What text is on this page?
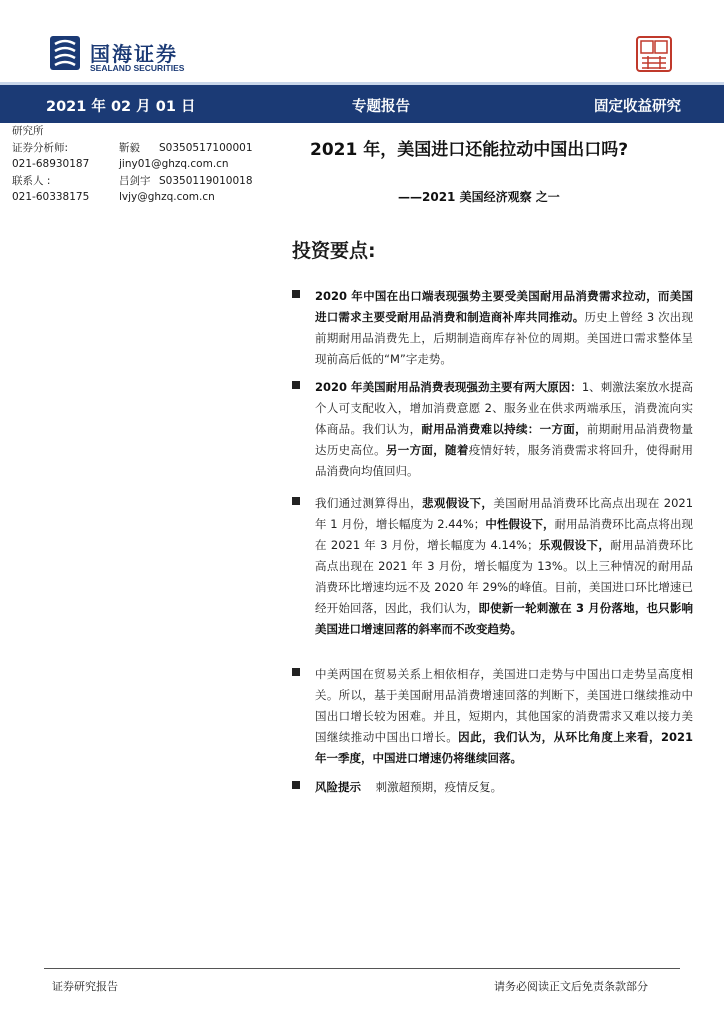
国海证券
SEALAND SECURITIES
2021 年 02 月 01 日	专题报告	固定收益研究
研究所
证券分析师:	靳毅 S0350517100001
021-68930187	jiny01@ghzq.com.cn
联系人 :	吕剑宇 S0350119010018
021-60338175	lvjy@ghzq.com.cn
2021 年，美国进口还能拉动中国出口吗?
——2021 美国经济观察 之一
投资要点:
2020 年中国在出口端表现强势主要受美国耐用品消费需求拉动，而美国进口需求主要受耐用品消费和制造商补库共同推动。历史上曾经 3 次出现前期耐用品消费先上，后期制造商库存补位的周期。美国进口需求整体呈现前高后低的“M”字走势。
2020 年美国耐用品消费表现强劲主要有两大原因：1、刺激法案放水提高个人可支配收入，增加消费意愿 2、服务业在供求两端承压，消费流向实体商品。我们认为，耐用品消费难以持续：一方面，前期耐用品消费物量达历史高位。另一方面，随着疫情好转，服务消费需求将回升，使得耐用品消费向均值回归。
我们通过测算得出，悲观假设下，美国耐用品消费环比高点出现在 2021 年 1 月份，增长幅度为 2.44%；中性假设下，耐用品消费环比高点将出现在 2021 年 3 月份，增长幅度为 4.14%；乐观假设下，耐用品消费环比高点出现在 2021 年 3 月份，增长幅度为 13%。以上三种情况的耐用品消费环比增速均远不及 2020 年 29%的峰值。目前，美国进口环比增速已经开始回落，因此，我们认为，即使新一轮刺激在 3 月份落地，也只影响美国进口增速回落的斜率而不改变趋势。
中美两国在贸易关系上相依相存，美国进口走势与中国出口走势呈高度相关。所以，基于美国耐用品消费增速回落的判断下，美国进口继续推动中国出口增长较为困难。并且，短期内，其他国家的消费需求又难以接力美国继续推动中国出口增长。因此，我们认为，从环比角度上来看，2021 年一季度，中国进口增速仍将继续回落。
风险提示    刺激超预期，疫情反复。
证券研究报告	请务必阅读正文后免责条款部分
